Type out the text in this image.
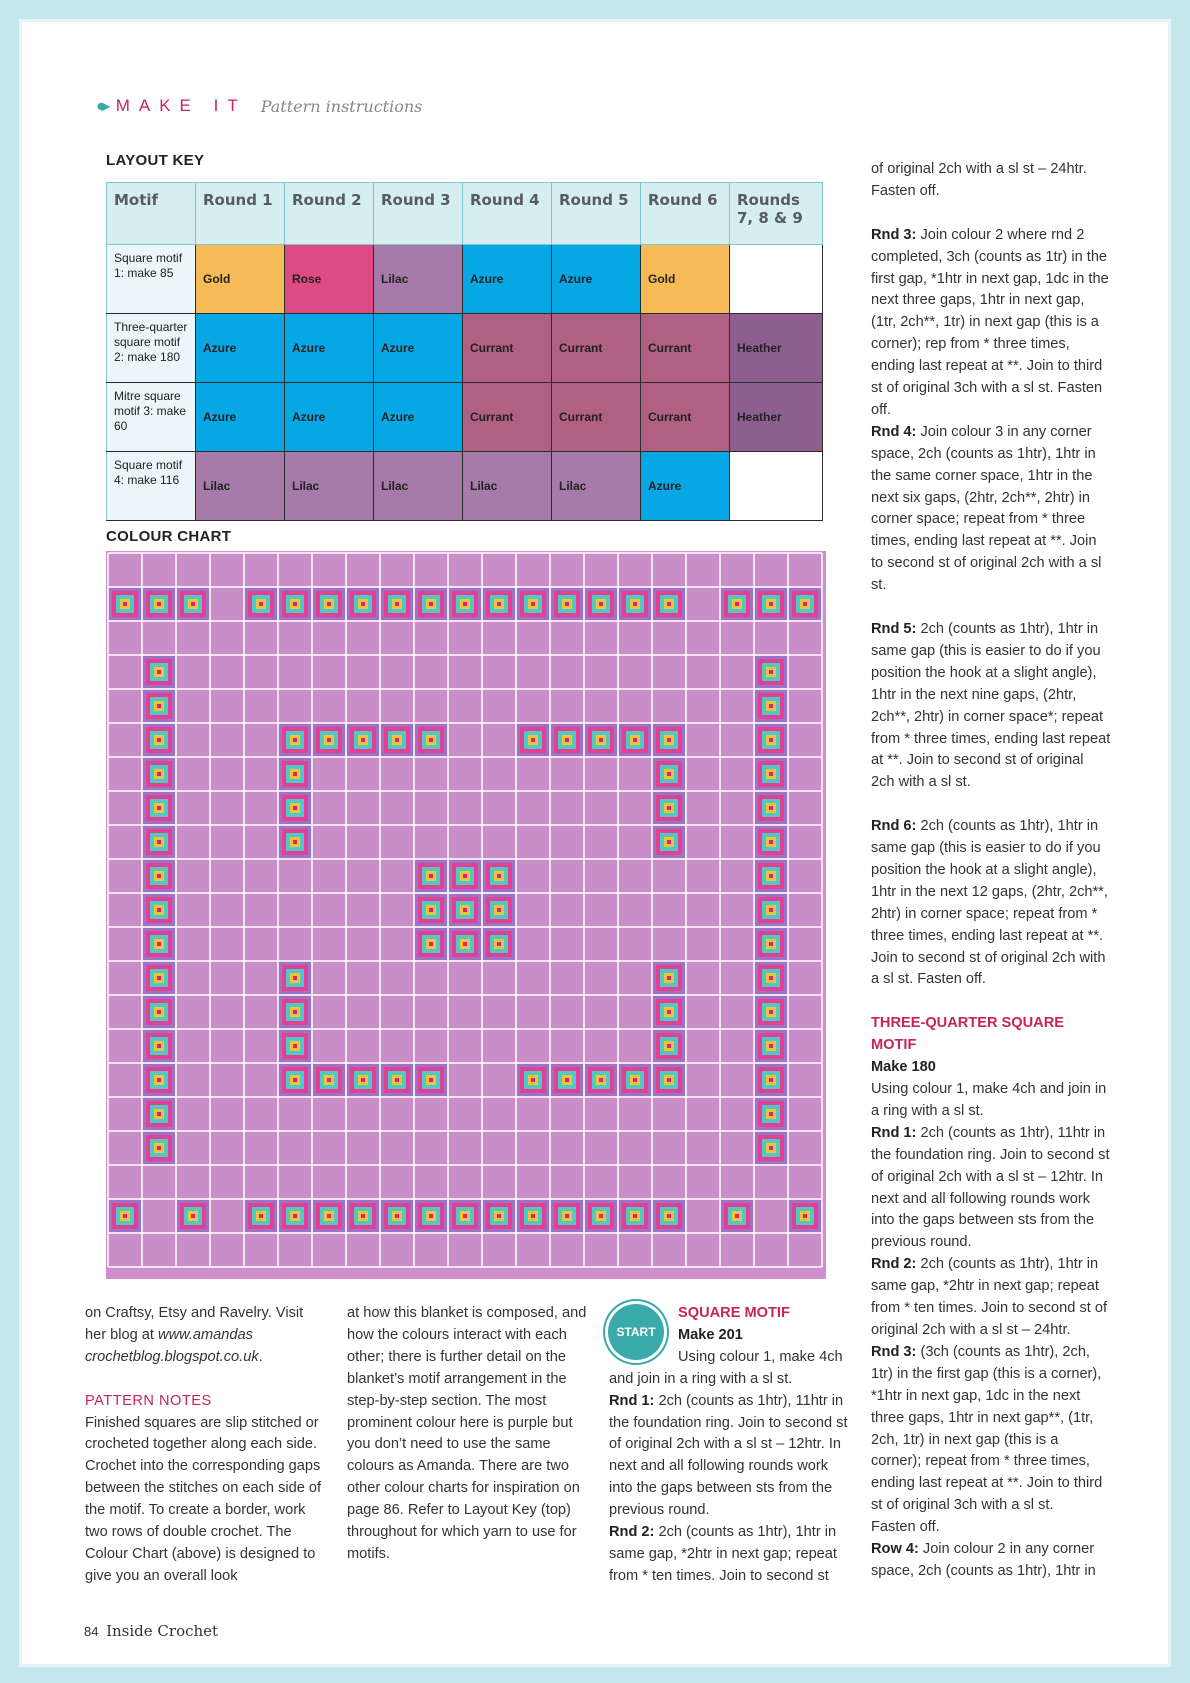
●▸ MAKE IT Pattern instructions
LAYOUT KEY
Motif	Round 1	Round 2	Round 3	Round 4	Round 5	Round 6	Rounds 7, 8 & 9
Square motif 1: make 85	Gold	Rose	Lilac	Azure	Azure	Gold	
Three-quarter square motif 2: make 180	Azure	Azure	Azure	Currant	Currant	Currant	Heather
Mitre square motif 3: make 60	Azure	Azure	Azure	Currant	Currant	Currant	Heather
Square motif 4: make 116	Lilac	Lilac	Lilac	Lilac	Lilac	Azure	
COLOUR CHART

on Craftsy, Etsy and Ravelry. Visit her blog at www.amandas crochetblog.blogspot.co.uk.

PATTERN NOTES

Finished squares are slip stitched or crocheted together along each side. Crochet into the corresponding gaps between the stitches on each side of the motif. To create a border, work two rows of double crochet. The Colour Chart (above) is designed to give you an overall look

at how this blanket is composed, and how the colours interact with each other; there is further detail on the blanket’s motif arrangement in the step-by-step section. The most prominent colour here is purple but you don’t need to use the same colours as Amanda. There are two other colour charts for inspiration on page 86. Refer to Layout Key (top) throughout for which yarn to use for motifs.

START

SQUARE MOTIF

Make 201

Using colour 1, make 4ch and join in a ring with a sl st.

Rnd 1: 2ch (counts as 1htr), 11htr in the foundation ring. Join to second st of original 2ch with a sl st – 12htr. In next and all following rounds work into the gaps between sts from the previous round.

Rnd 2: 2ch (counts as 1htr), 1htr in same gap, *2htr in next gap; repeat from * ten times. Join to second st

of original 2ch with a sl st – 24htr. Fasten off.

Rnd 3: Join colour 2 where rnd 2 completed, 3ch (counts as 1tr) in the first gap, *1htr in next gap, 1dc in the next three gaps, 1htr in next gap, (1tr, 2ch**, 1tr) in next gap (this is a corner); rep from * three times, ending last repeat at **. Join to third st of original 3ch with a sl st. Fasten off.

Rnd 4: Join colour 3 in any corner space, 2ch (counts as 1htr), 1htr in the same corner space, 1htr in the next six gaps, (2htr, 2ch**, 2htr) in corner space; repeat from * three times, ending last repeat at **. Join to second st of original 2ch with a sl st.

Rnd 5: 2ch (counts as 1htr), 1htr in same gap (this is easier to do if you position the hook at a slight angle), 1htr in the next nine gaps, (2htr, 2ch**, 2htr) in corner space*; repeat from * three times, ending last repeat at **. Join to second st of original 2ch with a sl st.

Rnd 6: 2ch (counts as 1htr), 1htr in same gap (this is easier to do if you position the hook at a slight angle), 1htr in the next 12 gaps, (2htr, 2ch**, 2htr) in corner space; repeat from * three times, ending last repeat at **. Join to second st of original 2ch with a sl st. Fasten off.

THREE-QUARTER SQUARE MOTIF

Make 180

Using colour 1, make 4ch and join in a ring with a sl st.

Rnd 1: 2ch (counts as 1htr), 11htr in the foundation ring. Join to second st of original 2ch with a sl st – 12htr. In next and all following rounds work into the gaps between sts from the previous round.

Rnd 2: 2ch (counts as 1htr), 1htr in same gap, *2htr in next gap; repeat from * ten times. Join to second st of original 2ch with a sl st – 24htr.

Rnd 3: (3ch (counts as 1htr), 2ch, 1tr) in the first gap (this is a corner), *1htr in next gap, 1dc in the next three gaps, 1htr in next gap**, (1tr, 2ch, 1tr) in next gap (this is a corner); repeat from * three times, ending last repeat at **. Join to third st of original 3ch with a sl st.

Fasten off.

Row 4: Join colour 2 in any corner space, 2ch (counts as 1htr), 1htr in

84 Inside Crochet
